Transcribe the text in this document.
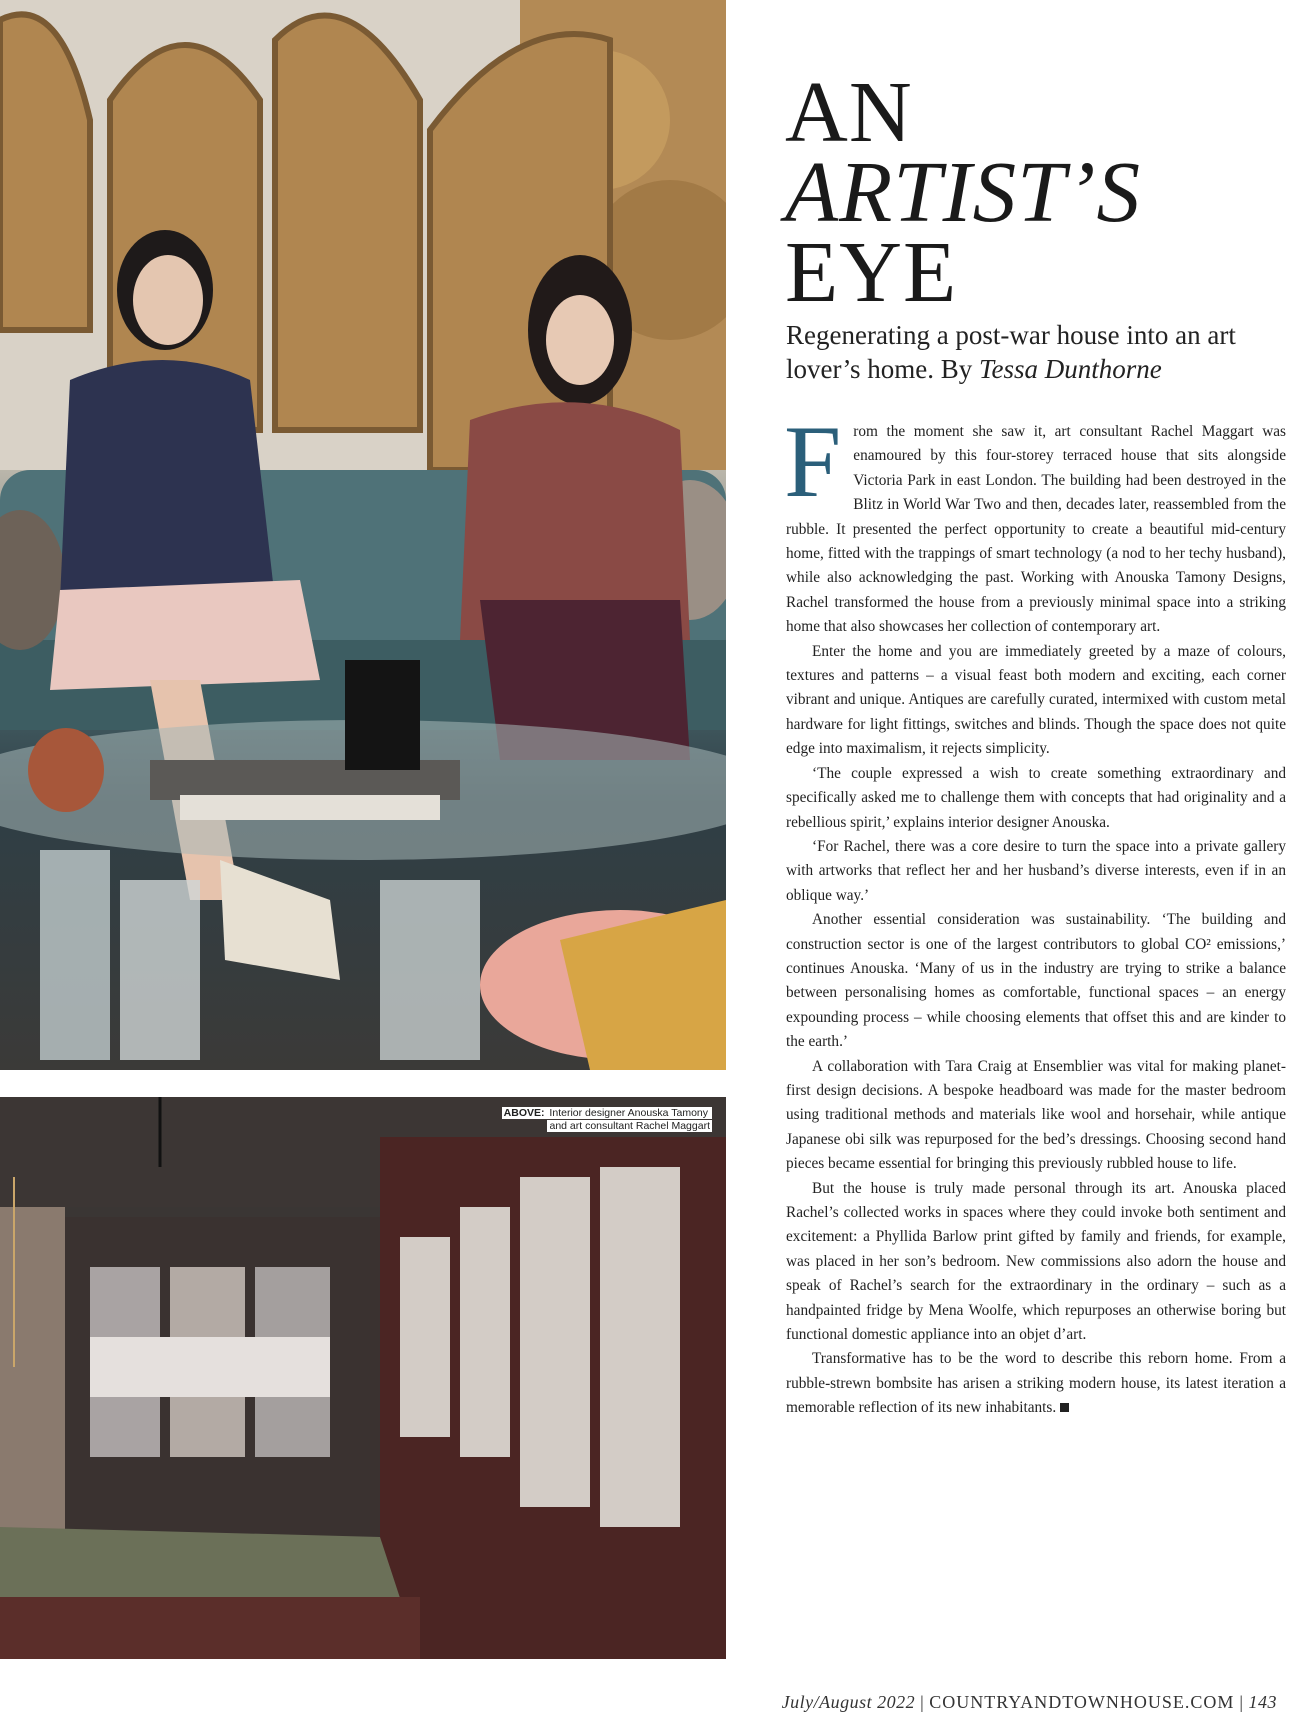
ABOVE: Interior designer Anouska Tamony
and art consultant Rachel Maggart
AN
ARTIST’S
EYE

Regenerating a post-war house into an art lover’s home. By Tessa Dunthorne

From the moment she saw it, art consultant Rachel Maggart was enamoured by this four-storey terraced house that sits alongside Victoria Park in east London. The building had been destroyed in the Blitz in World War Two and then, decades later, reassembled from the rubble. It presented the perfect opportunity to create a beautiful mid-century home, fitted with the trappings of smart technology (a nod to her techy husband), while also acknowledging the past. Working with Anouska Tamony Designs, Rachel transformed the house from a previously minimal space into a striking home that also showcases her collection of contemporary art.

Enter the home and you are immediately greeted by a maze of colours, textures and patterns – a visual feast both modern and exciting, each corner vibrant and unique. Antiques are carefully curated, intermixed with custom metal hardware for light fittings, switches and blinds. Though the space does not quite edge into maximalism, it rejects simplicity.

‘The couple expressed a wish to create something extraordinary and specifically asked me to challenge them with concepts that had originality and a rebellious spirit,’ explains interior designer Anouska.

‘For Rachel, there was a core desire to turn the space into a private gallery with artworks that reflect her and her husband’s diverse interests, even if in an oblique way.’

Another essential consideration was sustainability. ‘The building and construction sector is one of the largest contributors to global CO² emissions,’ continues Anouska. ‘Many of us in the industry are trying to strike a balance between personalising homes as comfortable, functional spaces – an energy expounding process – while choosing elements that offset this and are kinder to the earth.’

A collaboration with Tara Craig at Ensemblier was vital for making planet-first design decisions. A bespoke headboard was made for the master bedroom using traditional methods and materials like wool and horsehair, while antique Japanese obi silk was repurposed for the bed’s dressings. Choosing second hand pieces became essential for bringing this previously rubbled house to life.

But the house is truly made personal through its art. Anouska placed Rachel’s collected works in spaces where they could invoke both sentiment and excitement: a Phyllida Barlow print gifted by family and friends, for example, was placed in her son’s bedroom. New commissions also adorn the house and speak of Rachel’s search for the extraordinary in the ordinary – such as a handpainted fridge by Mena Woolfe, which repurposes an otherwise boring but functional domestic appliance into an objet d’art.

Transformative has to be the word to describe this reborn home. From a rubble-strewn bombsite has arisen a striking modern house, its latest iteration a memorable reflection of its new inhabitants.

July/August 2022 | COUNTRYANDTOWNHOUSE.COM | 143
